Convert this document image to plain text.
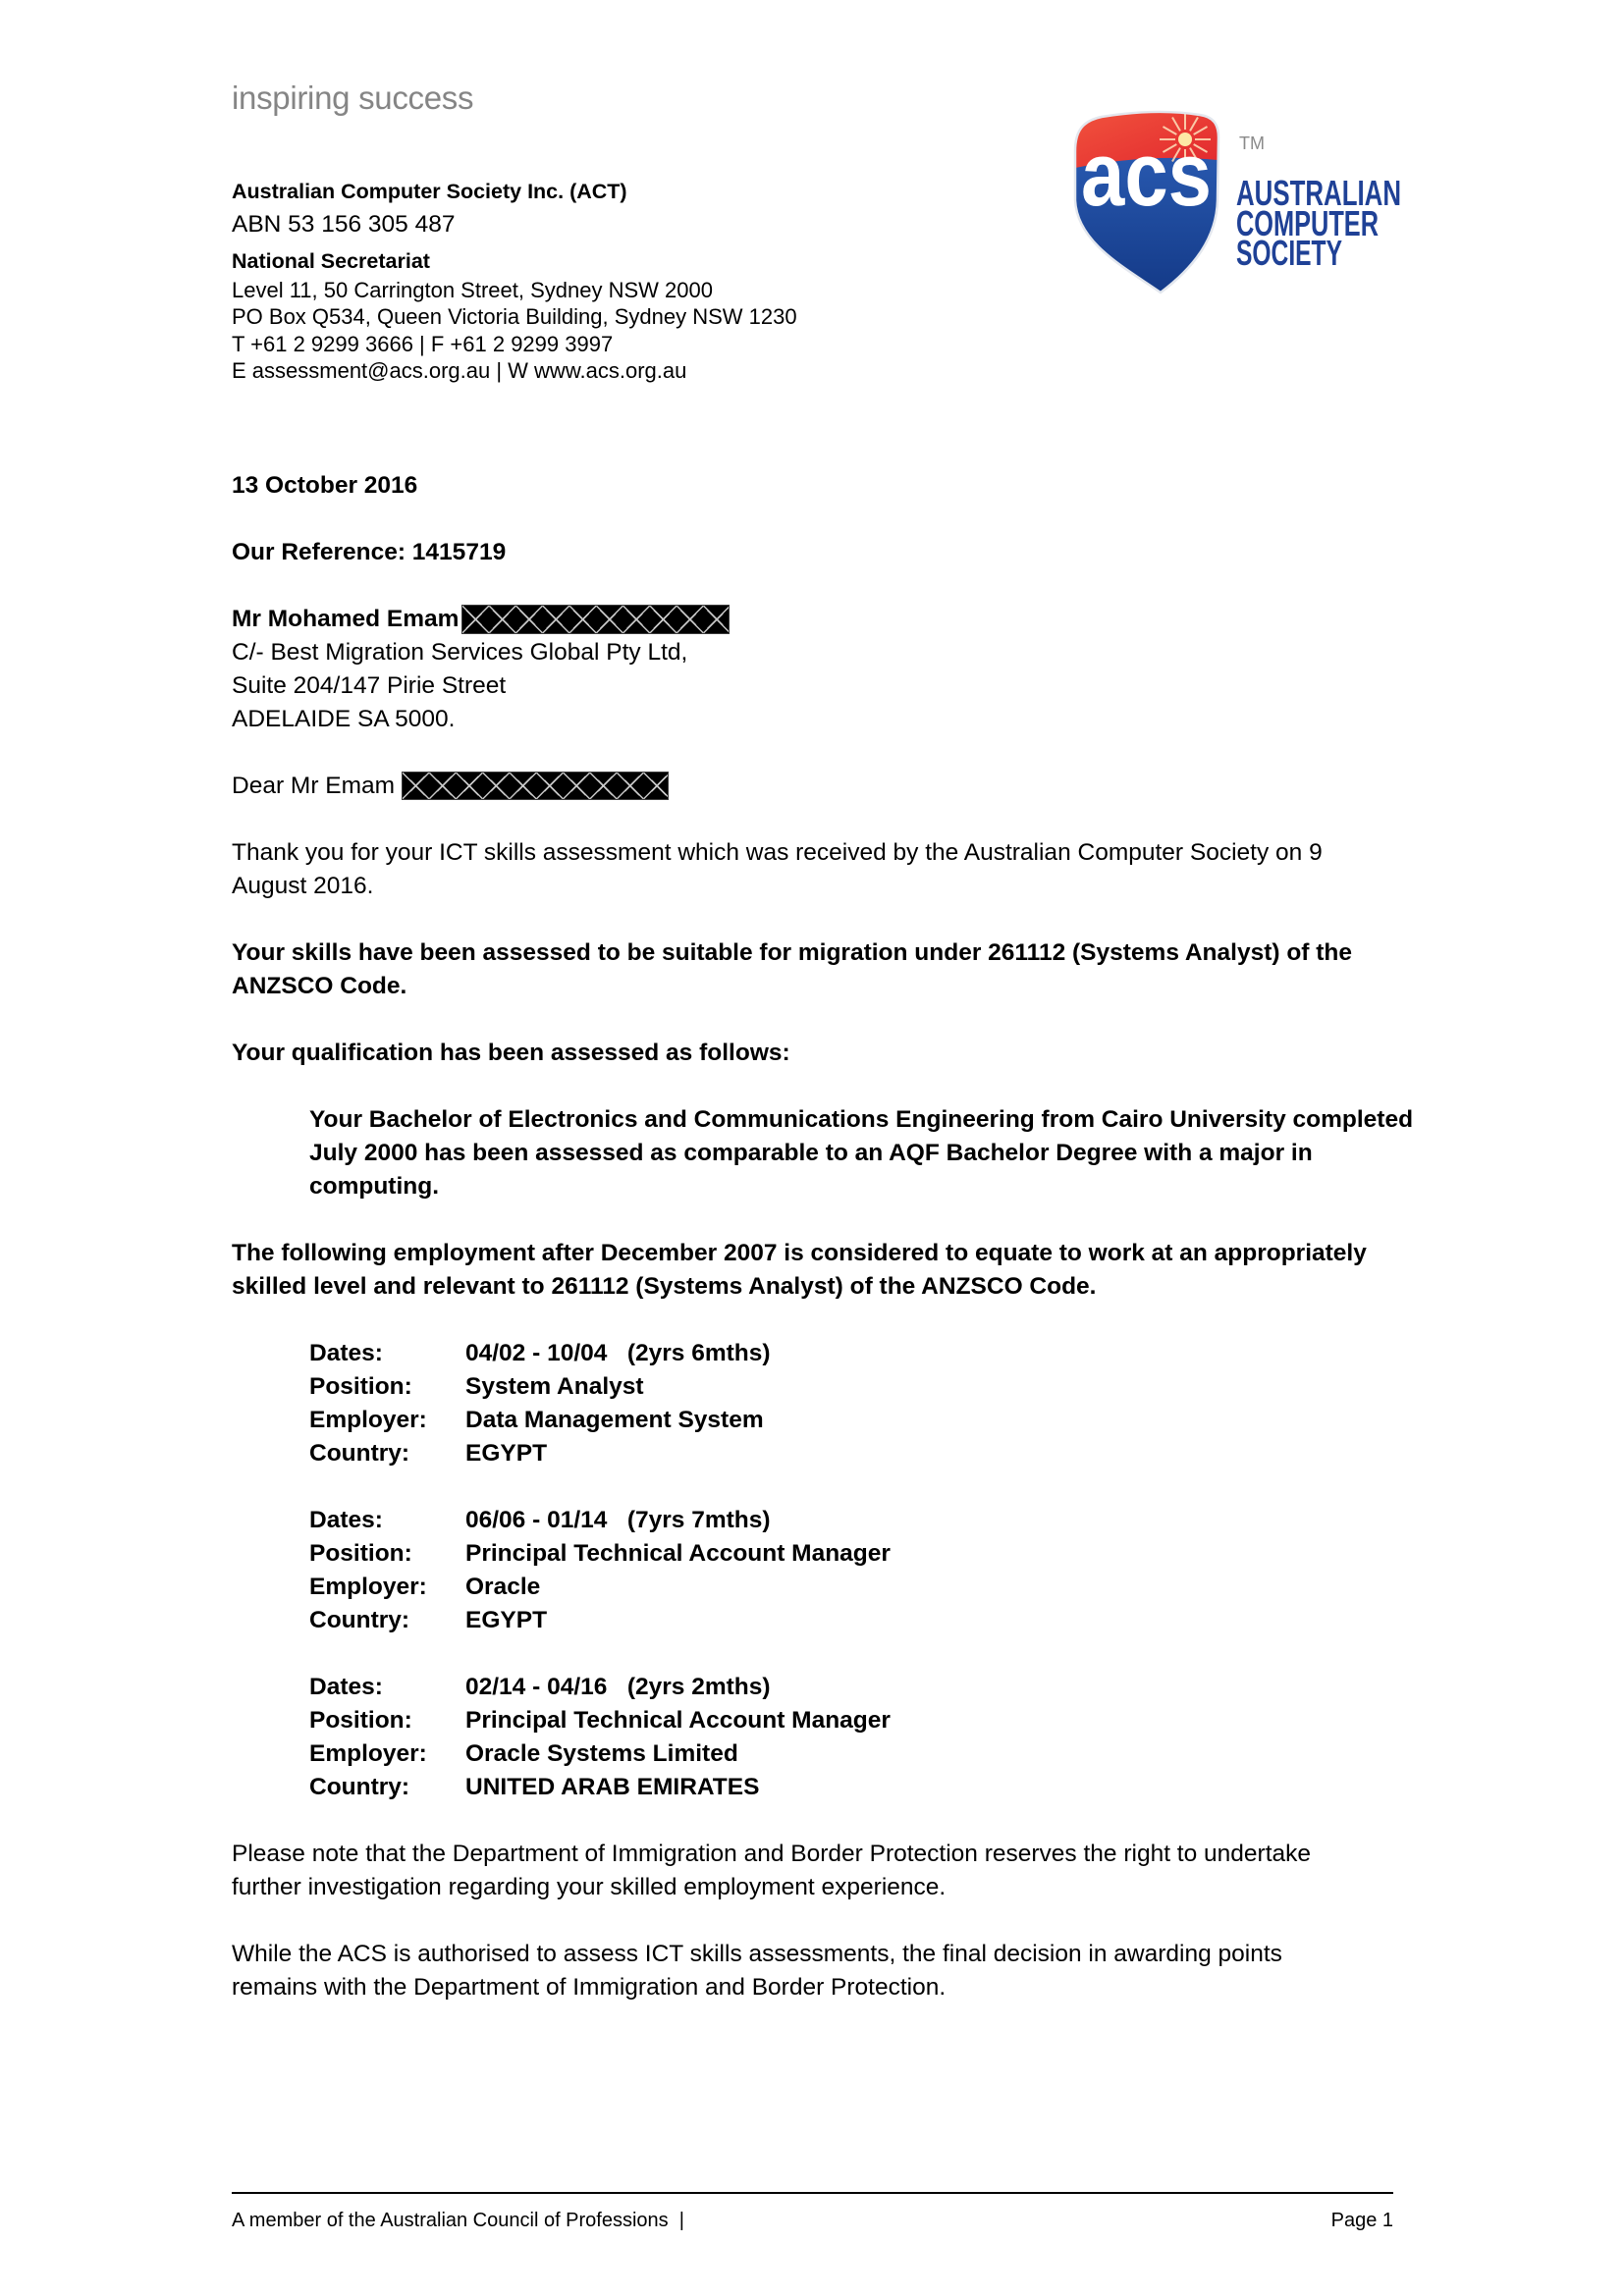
inspiring success
Australian Computer Society Inc. (ACT)
ABN 53 156 305 487
National Secretariat
Level 11, 50 Carrington Street, Sydney NSW 2000
PO Box Q534, Queen Victoria Building, Sydney NSW 1230
T +61 2 9299 3666 | F +61 2 9299 3997
E assessment@acs.org.au | W www.acs.org.au
acs TM
AUSTRALIAN
COMPUTER
SOCIETY
13 October 2016
Our Reference: 1415719
Mr Mohamed Emam
C/- Best Migration Services Global Pty Ltd,
Suite 204/147 Pirie Street
ADELAIDE SA 5000.
Dear Mr Emam
Thank you for your ICT skills assessment which was received by the Australian Computer Society on 9
August 2016.
Your skills have been assessed to be suitable for migration under 261112 (Systems Analyst) of the
ANZSCO Code.
Your qualification has been assessed as follows:
Your Bachelor of Electronics and Communications Engineering from Cairo University completed
July 2000 has been assessed as comparable to an AQF Bachelor Degree with a major in
computing.
The following employment after December 2007 is considered to equate to work at an appropriately
skilled level and relevant to 261112 (Systems Analyst) of the ANZSCO Code.
Dates:	04/02 - 10/04   (2yrs 6mths)
Position:	System Analyst
Employer:	Data Management System
Country:	EGYPT
Dates:	06/06 - 01/14   (7yrs 7mths)
Position:	Principal Technical Account Manager
Employer:	Oracle
Country:	EGYPT
Dates:	02/14 - 04/16   (2yrs 2mths)
Position:	Principal Technical Account Manager
Employer:	Oracle Systems Limited
Country:	UNITED ARAB EMIRATES
Please note that the Department of Immigration and Border Protection reserves the right to undertake
further investigation regarding your skilled employment experience.
While the ACS is authorised to assess ICT skills assessments, the final decision in awarding points
remains with the Department of Immigration and Border Protection.
A member of the Australian Council of Professions  |	Page 1
